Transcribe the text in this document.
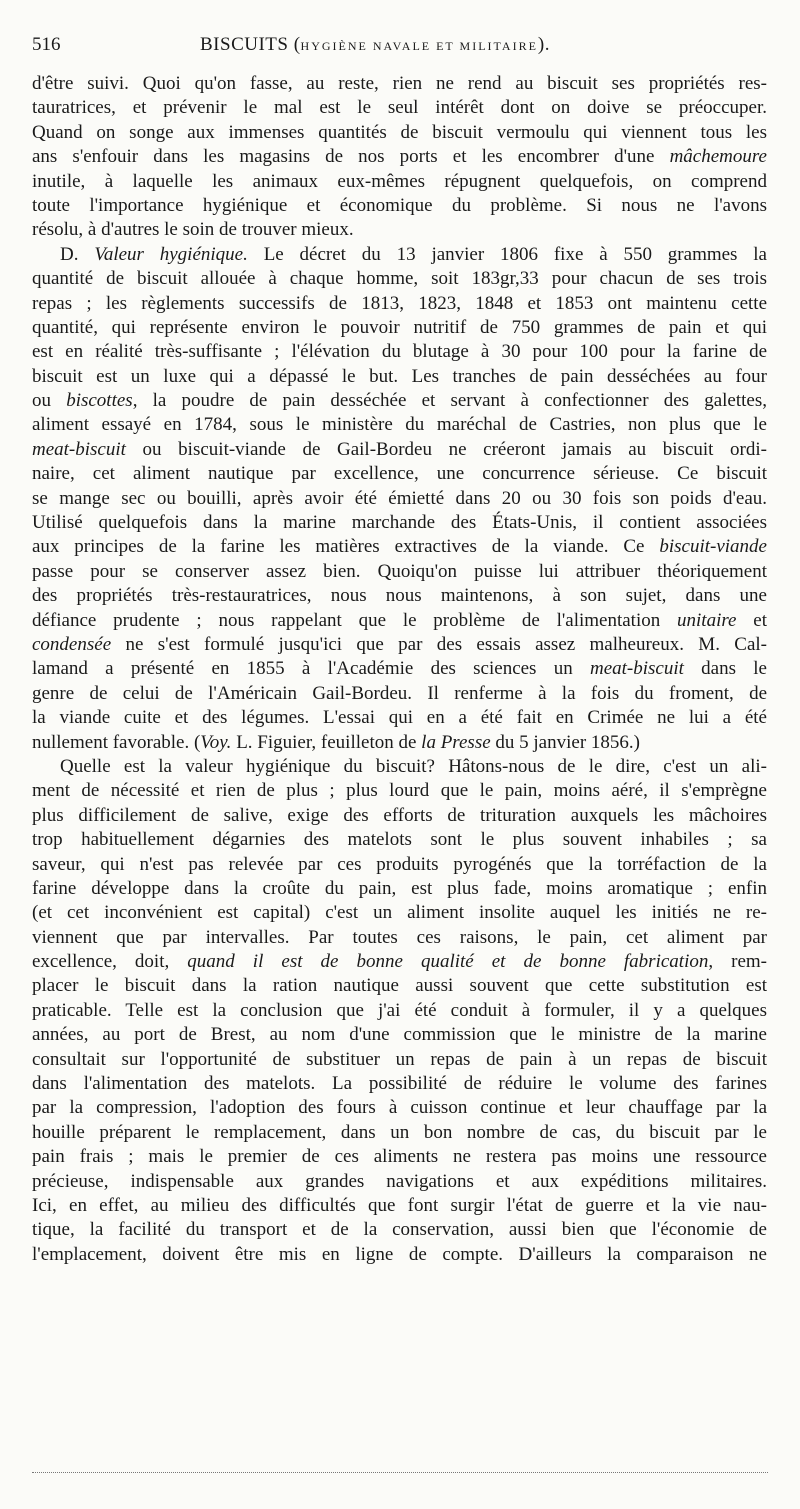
516	BISCUITS (HYGIÈNE NAVALE ET MILITAIRE).
d'être suivi. Quoi qu'on fasse, au reste, rien ne rend au biscuit ses propriétés res-
tauratrices, et prévenir le mal est le seul intérêt dont on doive se préoccuper.
Quand on songe aux immenses quantités de biscuit vermoulu qui viennent tous les
ans s'enfouir dans les magasins de nos ports et les encombrer d'une mâchemoure
inutile, à laquelle les animaux eux-mêmes répugnent quelquefois, on comprend
toute l'importance hygiénique et économique du problème. Si nous ne l'avons
résolu, à d'autres le soin de trouver mieux.
D. Valeur hygiénique. Le décret du 13 janvier 1806 fixe à 550 grammes la
quantité de biscuit allouée à chaque homme, soit 183gr,33 pour chacun de ses trois
repas ; les règlements successifs de 1813, 1823, 1848 et 1853 ont maintenu cette
quantité, qui représente environ le pouvoir nutritif de 750 grammes de pain et qui
est en réalité très-suffisante ; l'élévation du blutage à 30 pour 100 pour la farine de
biscuit est un luxe qui a dépassé le but. Les tranches de pain desséchées au four
ou biscottes, la poudre de pain desséchée et servant à confectionner des galettes,
aliment essayé en 1784, sous le ministère du maréchal de Castries, non plus que le
meat-biscuit ou biscuit-viande de Gail-Bordeu ne créeront jamais au biscuit ordi-
naire, cet aliment nautique par excellence, une concurrence sérieuse. Ce biscuit
se mange sec ou bouilli, après avoir été émietté dans 20 ou 30 fois son poids d'eau.
Utilisé quelquefois dans la marine marchande des États-Unis, il contient associées
aux principes de la farine les matières extractives de la viande. Ce biscuit-viande
passe pour se conserver assez bien. Quoiqu'on puisse lui attribuer théoriquement
des propriétés très-restauratrices, nous nous maintenons, à son sujet, dans une
défiance prudente ; nous rappelant que le problème de l'alimentation unitaire et
condensée ne s'est formulé jusqu'ici que par des essais assez malheureux. M. Cal-
lamand a présenté en 1855 à l'Académie des sciences un meat-biscuit dans le
genre de celui de l'Américain Gail-Bordeu. Il renferme à la fois du froment, de
la viande cuite et des légumes. L'essai qui en a été fait en Crimée ne lui a été
nullement favorable. (Voy. L. Figuier, feuilleton de la Presse du 5 janvier 1856.)
Quelle est la valeur hygiénique du biscuit? Hâtons-nous de le dire, c'est un ali-
ment de nécessité et rien de plus ; plus lourd que le pain, moins aéré, il s'emprègne
plus difficilement de salive, exige des efforts de trituration auxquels les mâchoires
trop habituellement dégarnies des matelots sont le plus souvent inhabiles ; sa
saveur, qui n'est pas relevée par ces produits pyrogénés que la torréfaction de la
farine développe dans la croûte du pain, est plus fade, moins aromatique ; enfin
(et cet inconvénient est capital) c'est un aliment insolite auquel les initiés ne re-
viennent que par intervalles. Par toutes ces raisons, le pain, cet aliment par
excellence, doit, quand il est de bonne qualité et de bonne fabrication, rem-
placer le biscuit dans la ration nautique aussi souvent que cette substitution est
praticable. Telle est la conclusion que j'ai été conduit à formuler, il y a quelques
années, au port de Brest, au nom d'une commission que le ministre de la marine
consultait sur l'opportunité de substituer un repas de pain à un repas de biscuit
dans l'alimentation des matelots. La possibilité de réduire le volume des farines
par la compression, l'adoption des fours à cuisson continue et leur chauffage par la
houille préparent le remplacement, dans un bon nombre de cas, du biscuit par le
pain frais ; mais le premier de ces aliments ne restera pas moins une ressource
précieuse, indispensable aux grandes navigations et aux expéditions militaires.
Ici, en effet, au milieu des difficultés que font surgir l'état de guerre et la vie nau-
tique, la facilité du transport et de la conservation, aussi bien que l'économie de
l'emplacement, doivent être mis en ligne de compte. D'ailleurs la comparaison ne
